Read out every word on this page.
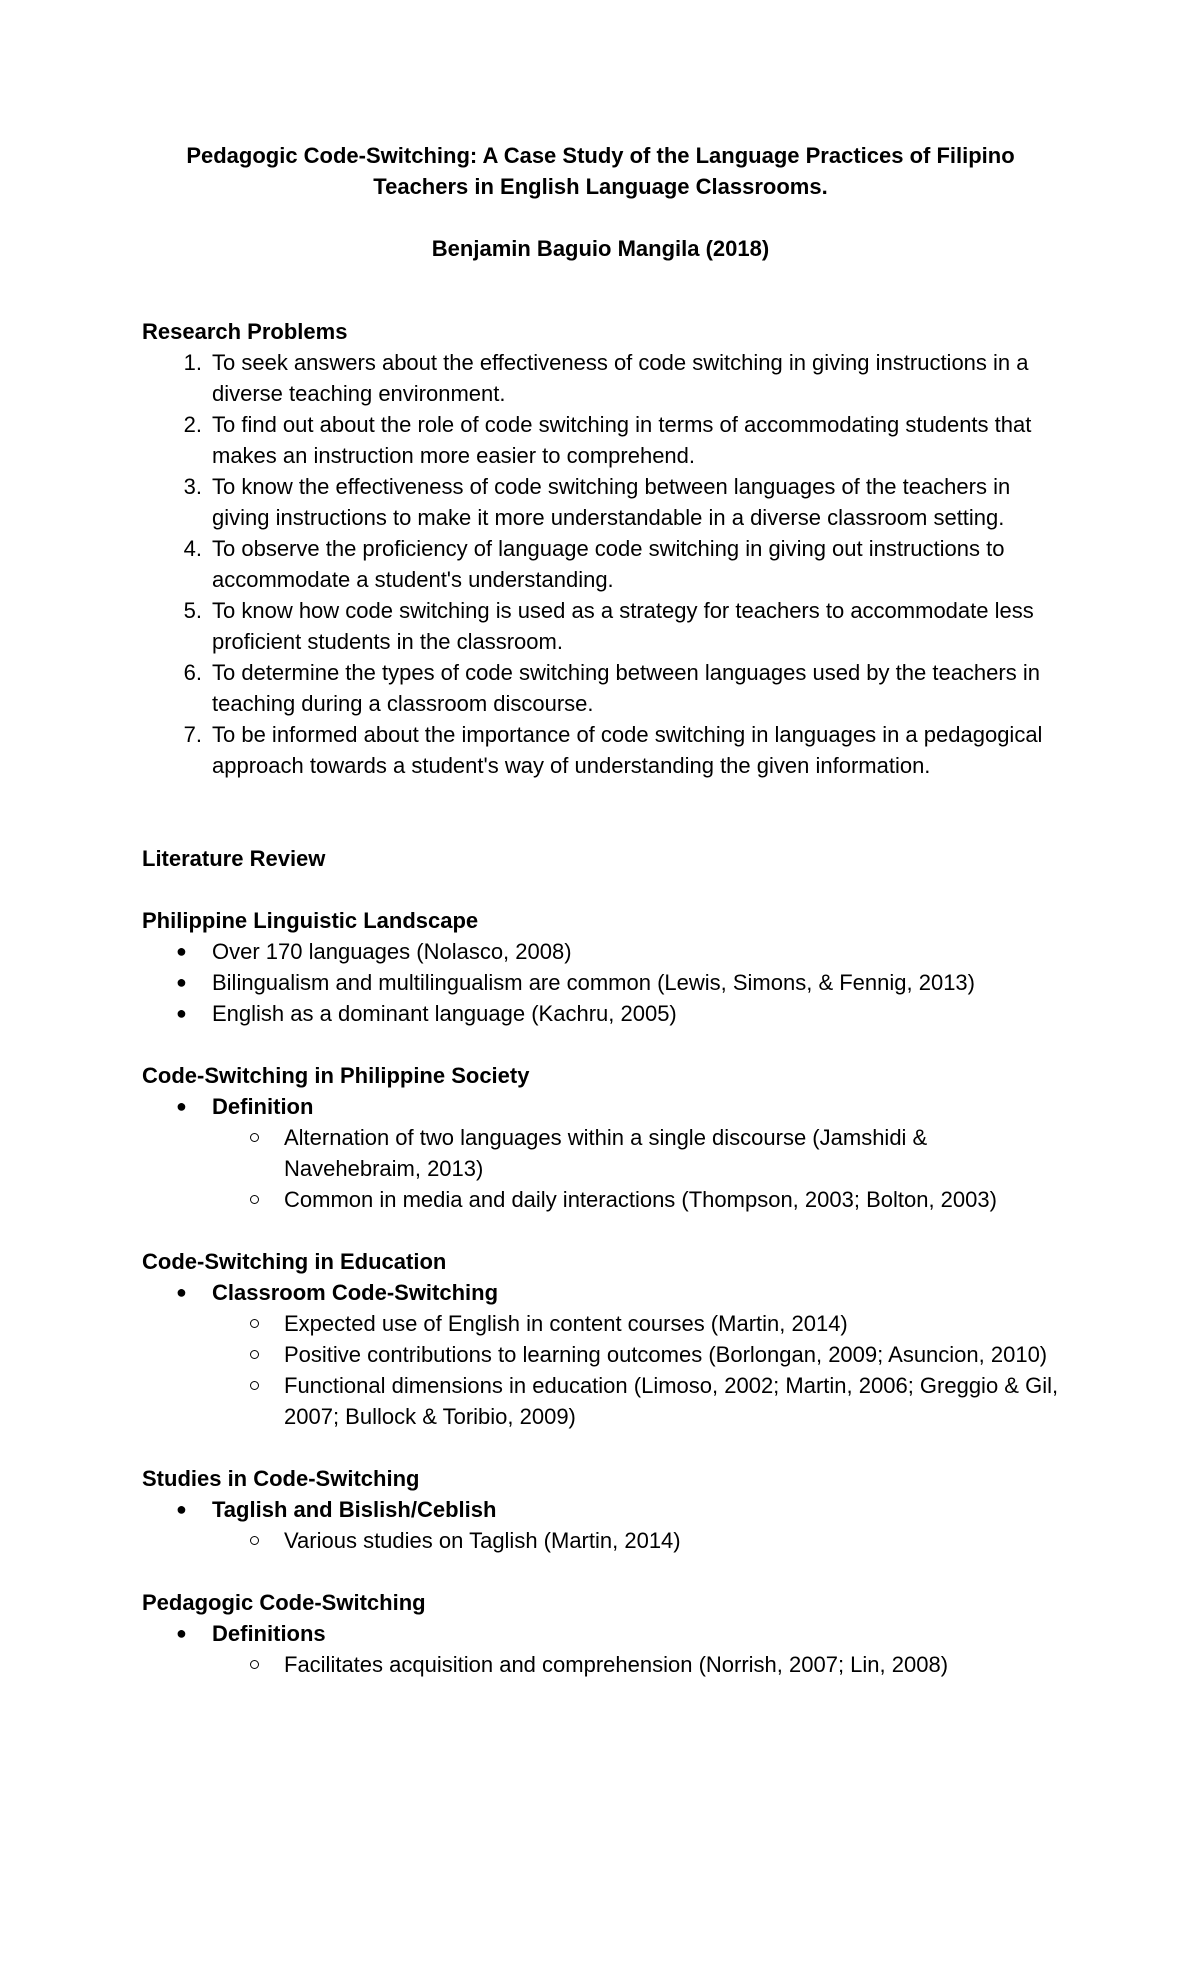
Pedagogic Code-Switching: A Case Study of the Language Practices of Filipino
Teachers in English Language Classrooms.

Benjamin Baguio Mangila (2018)

Research Problems

1. To seek answers about the effectiveness of code switching in giving instructions in a diverse teaching environment.
2. To find out about the role of code switching in terms of accommodating students that makes an instruction more easier to comprehend.
3. To know the effectiveness of code switching between languages of the teachers in giving instructions to make it more understandable in a diverse classroom setting.
4. To observe the proficiency of language code switching in giving out instructions to accommodate a student's understanding.
5. To know how code switching is used as a strategy for teachers to accommodate less proficient students in the classroom.
6. To determine the types of code switching between languages used by the teachers in teaching during a classroom discourse.
7. To be informed about the importance of code switching in languages in a pedagogical approach towards a student's way of understanding the given information.

Literature Review

Philippine Linguistic Landscape

● Over 170 languages (Nolasco, 2008)
● Bilingualism and multilingualism are common (Lewis, Simons, & Fennig, 2013)
● English as a dominant language (Kachru, 2005)

Code-Switching in Philippine Society

● Definition
Alternation of two languages within a single discourse (Jamshidi & Navehebraim, 2013)
Common in media and daily interactions (Thompson, 2003; Bolton, 2003)

Code-Switching in Education

● Classroom Code-Switching
Expected use of English in content courses (Martin, 2014)
Positive contributions to learning outcomes (Borlongan, 2009; Asuncion, 2010)
Functional dimensions in education (Limoso, 2002; Martin, 2006; Greggio & Gil, 2007; Bullock & Toribio, 2009)

Studies in Code-Switching

● Taglish and Bislish/Ceblish
Various studies on Taglish (Martin, 2014)

Pedagogic Code-Switching

● Definitions
Facilitates acquisition and comprehension (Norrish, 2007; Lin, 2008)
